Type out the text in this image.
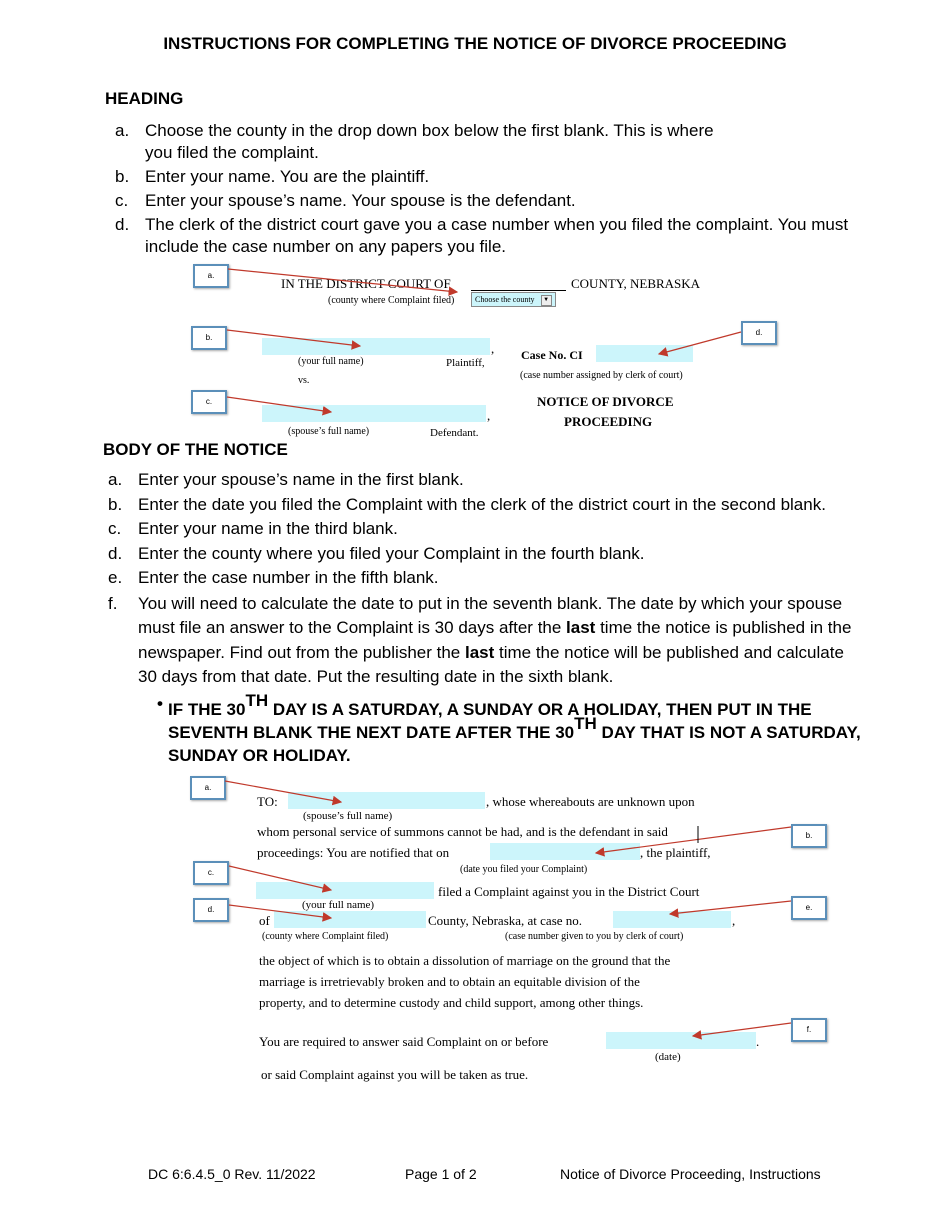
INSTRUCTIONS FOR COMPLETING THE NOTICE OF DIVORCE PROCEEDING
HEADING
a. Choose the county in the drop down box below the first blank. This is where you filed the complaint.
b. Enter your name. You are the plaintiff.
c. Enter your spouse’s name. Your spouse is the defendant.
d. The clerk of the district court gave you a case number when you filed the complaint. You must include the case number on any papers you file.
IN THE DISTRICT COURT OF	COUNTY, NEBRASKA
(county where Complaint filed)	Choose the county ▼
,
(your full name)	Plaintiff,
vs.
,
(spouse’s full name)	Defendant.
Case No. CI
(case number assigned by clerk of court)
NOTICE OF DIVORCE
PROCEEDING
a.
b.
c.
d.
BODY OF THE NOTICE
a. Enter your spouse’s name in the first blank.
b. Enter the date you filed the Complaint with the clerk of the district court in the second blank.
c. Enter your name in the third blank.
d. Enter the county where you filed your Complaint in the fourth blank.
e. Enter the case number in the fifth blank.
f. You will need to calculate the date to put in the seventh blank. The date by which your spouse must file an answer to the Complaint is 30 days after the last time the notice is published in the newspaper. Find out from the publisher the last time the notice will be published and calculate 30 days from that date. Put the resulting date in the sixth blank.
• IF THE 30TH DAY IS A SATURDAY, A SUNDAY OR A HOLIDAY, THEN PUT IN THE SEVENTH BLANK THE NEXT DATE AFTER THE 30TH DAY THAT IS NOT A SATURDAY, SUNDAY OR HOLIDAY.
TO:	, whose whereabouts are unknown upon
(spouse’s full name)
whom personal service of summons cannot be had, and is the defendant in said
proceedings: You are notified that on	, the plaintiff,
(date you filed your Complaint)
filed a Complaint against you in the District Court
(your full name)
of	County, Nebraska, at case no.	,
(county where Complaint filed)	(case number given to you by clerk of court)
the object of which is to obtain a dissolution of marriage on the ground that the
marriage is irretrievably broken and to obtain an equitable division of the
property, and to determine custody and child support, among other things.
You are required to answer said Complaint on or before	.
(date)
or said Complaint against you will be taken as true.
a.
b.
c.
d.	e.
f.
DC 6:6.4.5_0 Rev. 11/2022	Page 1 of 2	Notice of Divorce Proceeding, Instructions
